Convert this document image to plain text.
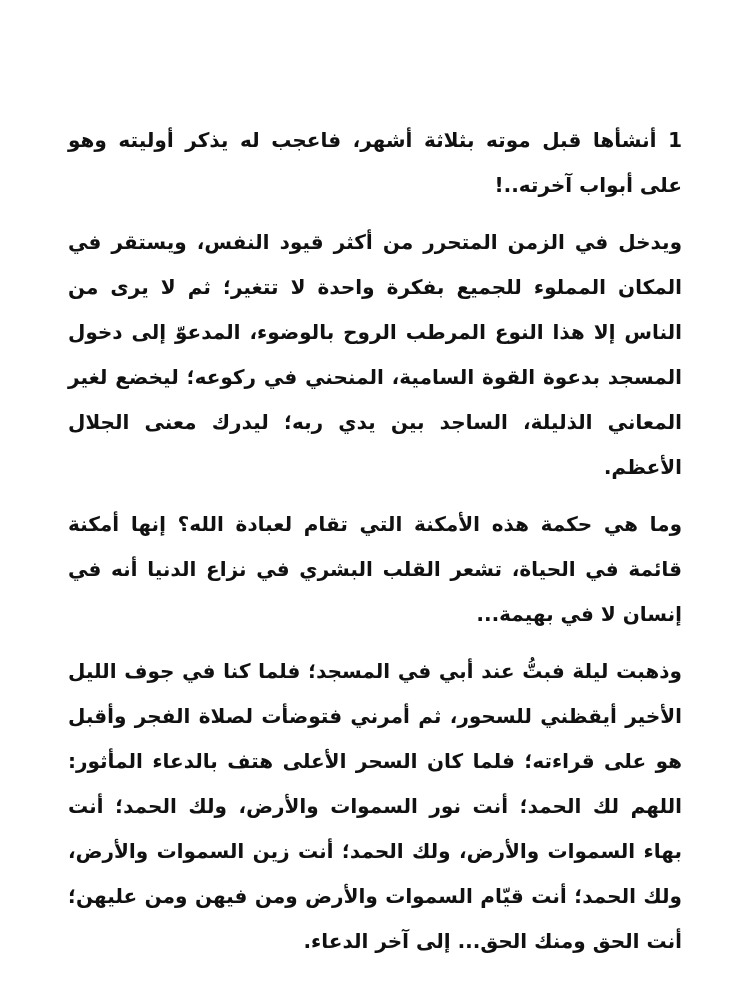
1 أنشأها قبل موته بثلاثة أشهر، فاعجب له يذكر أوليته وهو على أبواب آخرته..!

ويدخل في الزمن المتحرر من أكثر قيود النفس، ويستقر في المكان المملوء للجميع بفكرة واحدة لا تتغير؛ ثم لا يرى من الناس إلا هذا النوع المرطب الروح بالوضوء، المدعوّ إلى دخول المسجد بدعوة القوة السامية، المنحني في ركوعه؛ ليخضع لغير المعاني الذليلة، الساجد بين يدي ربه؛ ليدرك معنى الجلال الأعظم.

وما هي حكمة هذه الأمكنة التي تقام لعبادة الله؟ إنها أمكنة قائمة في الحياة، تشعر القلب البشري في نزاع الدنيا أنه في إنسان لا في بهيمة...

وذهبت ليلة فبتُّ عند أبي في المسجد؛ فلما كنا في جوف الليل الأخير أيقظني للسحور، ثم أمرني فتوضأت لصلاة الفجر وأقبل هو على قراءته؛ فلما كان السحر الأعلى هتف بالدعاء المأثور: اللهم لك الحمد؛ أنت نور السموات والأرض، ولك الحمد؛ أنت بهاء السموات والأرض، ولك الحمد؛ أنت زين السموات والأرض، ولك الحمد؛ أنت قيّام السموات والأرض ومن فيهن ومن عليهن؛ أنت الحق ومنك الحق... إلى آخر الدعاء.
